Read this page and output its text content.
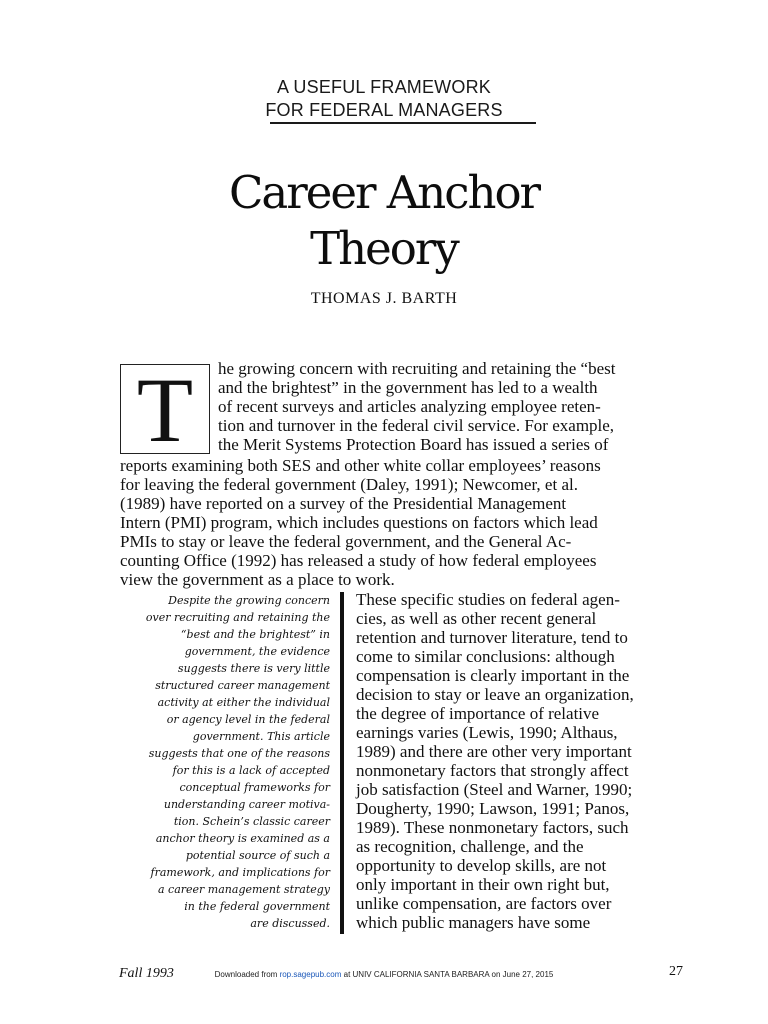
A USEFUL FRAMEWORK
FOR FEDERAL MANAGERS
Career Anchor
Theory
THOMAS J. BARTH
T	he growing concern with recruiting and retaining the “best
and the brightest” in the government has led to a wealth
of recent surveys and articles analyzing employee reten-
tion and turnover in the federal civil service. For example,
the Merit Systems Protection Board has issued a series of
reports examining both SES and other white collar employees’ reasons
for leaving the federal government (Daley, 1991); Newcomer, et al.
(1989) have reported on a survey of the Presidential Management
Intern (PMI) program, which includes questions on factors which lead
PMIs to stay or leave the federal government, and the General Ac-
counting Office (1992) has released a study of how federal employees
view the government as a place to work.
Despite the growing concern
over recruiting and retaining the
“best and the brightest” in
government, the evidence
suggests there is very little
structured career management
activity at either the individual
or agency level in the federal
government. This article
suggests that one of the reasons
for this is a lack of accepted
conceptual frameworks for
understanding career motiva-
tion. Schein’s classic career
anchor theory is examined as a
potential source of such a
framework, and implications for
a career management strategy
in the federal government
are discussed.
These specific studies on federal agen-
cies, as well as other recent general
retention and turnover literature, tend to
come to similar conclusions: although
compensation is clearly important in the
decision to stay or leave an organization,
the degree of importance of relative
earnings varies (Lewis, 1990; Althaus,
1989) and there are other very important
nonmonetary factors that strongly affect
job satisfaction (Steel and Warner, 1990;
Dougherty, 1990; Lawson, 1991; Panos,
1989). These nonmonetary factors, such
as recognition, challenge, and the
opportunity to develop skills, are not
only important in their own right but,
unlike compensation, are factors over
which public managers have some
Fall 1993	Downloaded from rop.sagepub.com at UNIV CALIFORNIA SANTA BARBARA on June 27, 2015	27
